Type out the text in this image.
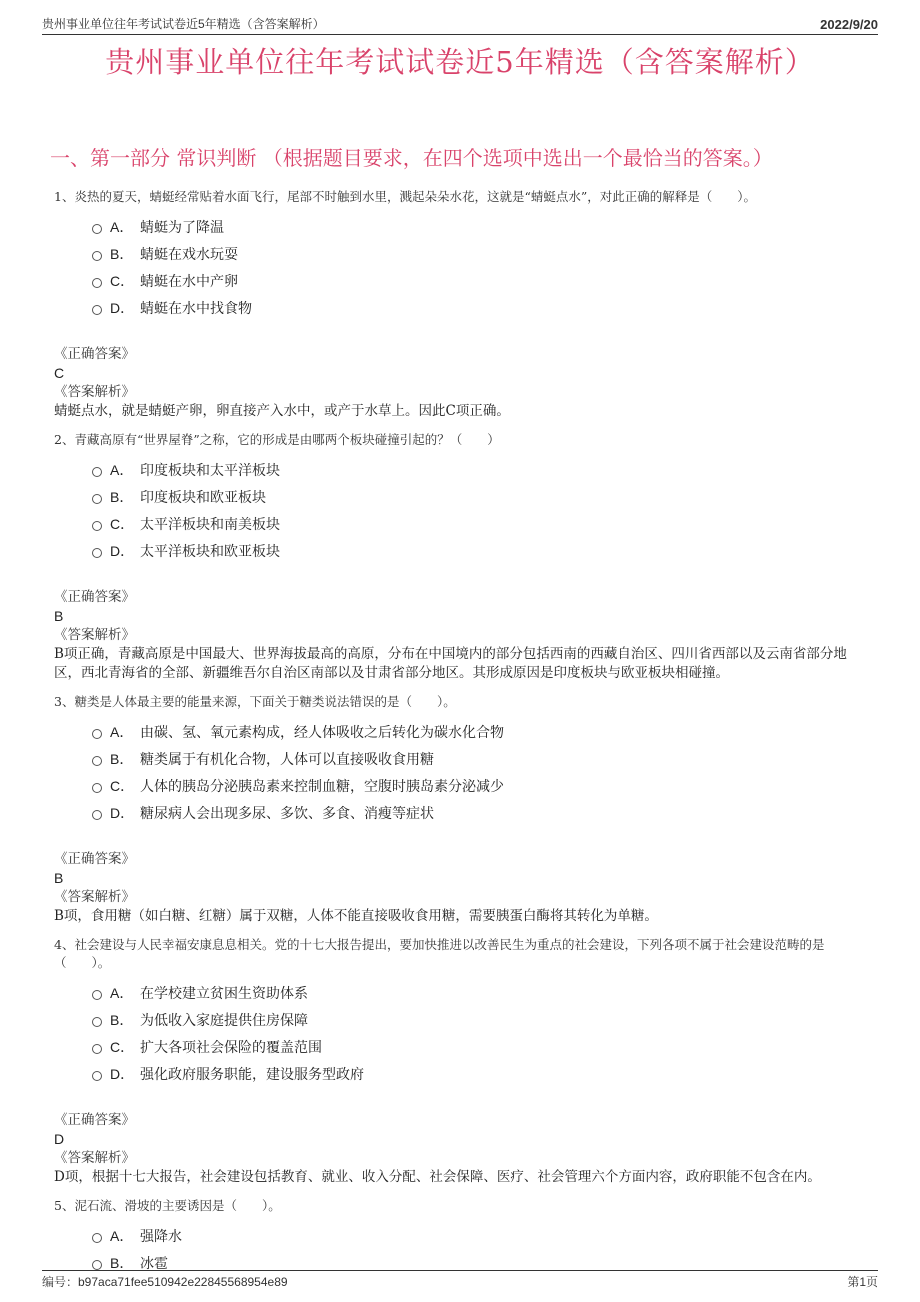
贵州事业单位往年考试试卷近5年精选（含答案解析）	2022/9/20
贵州事业单位往年考试试卷近5年精选（含答案解析）
一、第一部分 常识判断 （根据题目要求，在四个选项中选出一个最恰当的答案。）
1、炎热的夏天，蜻蜓经常贴着水面飞行，尾部不时触到水里，溅起朵朵水花，这就是“蜻蜓点水”，对此正确的解释是（　　）。
A． 蜻蜓为了降温
B． 蜻蜓在戏水玩耍
C． 蜻蜓在水中产卵
D． 蜻蜓在水中找食物
《正确答案》
C
《答案解析》
蜻蜓点水，就是蜻蜓产卵，卵直接产入水中，或产于水草上。因此C项正确。
2、青藏高原有“世界屋脊”之称，它的形成是由哪两个板块碰撞引起的？（　　）
A． 印度板块和太平洋板块
B． 印度板块和欧亚板块
C． 太平洋板块和南美板块
D． 太平洋板块和欧亚板块
《正确答案》
B
《答案解析》
B项正确，青藏高原是中国最大、世界海拔最高的高原，分布在中国境内的部分包括西南的西藏自治区、四川省西部以及云南省部分地区，西北青海省的全部、新疆维吾尔自治区南部以及甘肃省部分地区。其形成原因是印度板块与欧亚板块相碰撞。
3、糖类是人体最主要的能量来源，下面关于糖类说法错误的是（　　）。
A． 由碳、氢、氧元素构成，经人体吸收之后转化为碳水化合物
B． 糖类属于有机化合物，人体可以直接吸收食用糖
C． 人体的胰岛分泌胰岛素来控制血糖，空腹时胰岛素分泌减少
D． 糖尿病人会出现多尿、多饮、多食、消瘦等症状
《正确答案》
B
《答案解析》
B项，食用糖（如白糖、红糖）属于双糖，人体不能直接吸收食用糖，需要胰蛋白酶将其转化为单糖。
4、社会建设与人民幸福安康息息相关。党的十七大报告提出，要加快推进以改善民生为重点的社会建设，下列各项不属于社会建设范畴的是（　　）。
A． 在学校建立贫困生资助体系
B． 为低收入家庭提供住房保障
C． 扩大各项社会保险的覆盖范围
D． 强化政府服务职能，建设服务型政府
《正确答案》
D
《答案解析》
D项，根据十七大报告，社会建设包括教育、就业、收入分配、社会保障、医疗、社会管理六个方面内容，政府职能不包含在内。
5、泥石流、滑坡的主要诱因是（　　）。
A． 强降水
B． 冰雹
编号：b97aca71fee510942e22845568954e89	第1页
